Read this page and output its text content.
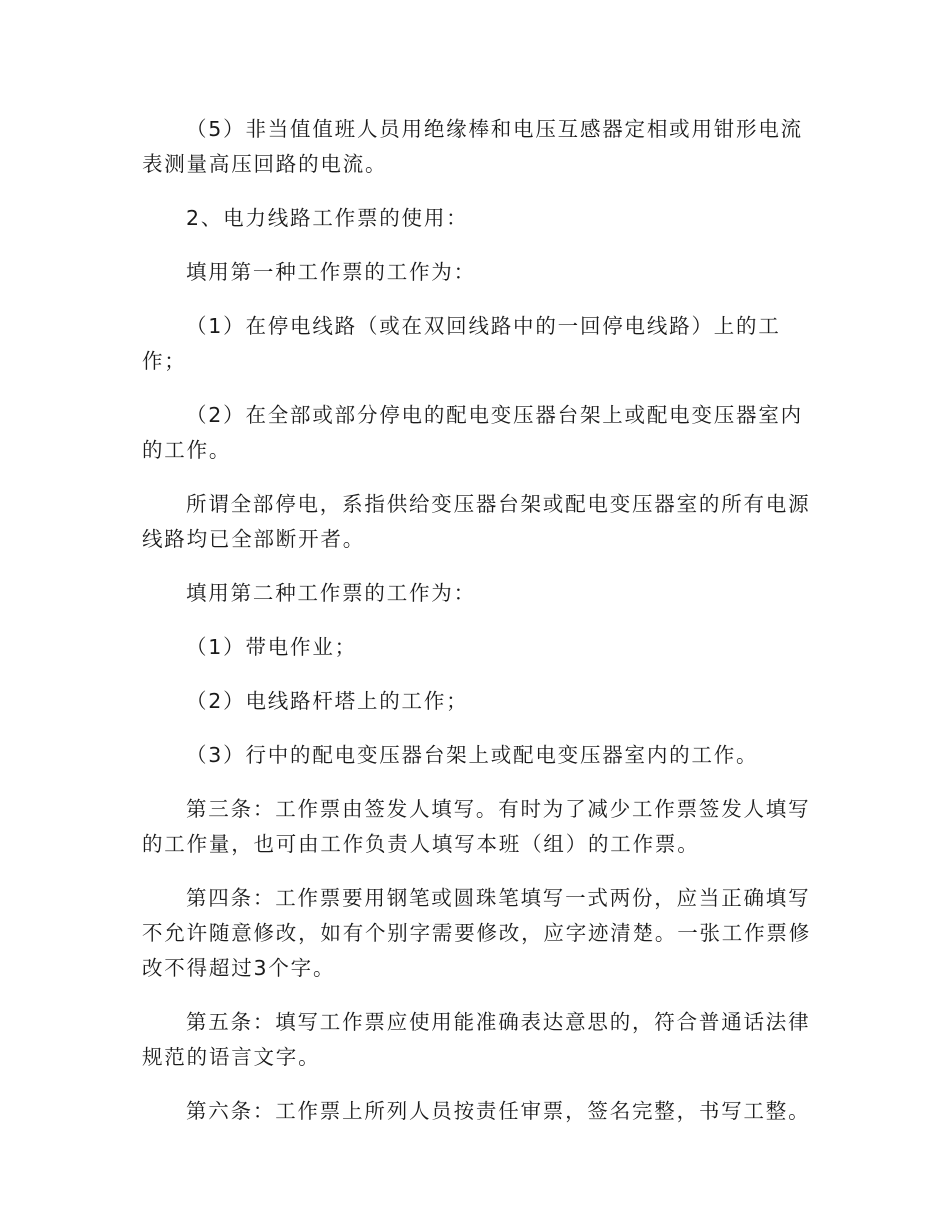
（5）非当值值班人员用绝缘棒和电压互感器定相或用钳形电流表测量高压回路的电流。

2、电力线路工作票的使用：

填用第一种工作票的工作为：

（1）在停电线路（或在双回线路中的一回停电线路）上的工作；

（2）在全部或部分停电的配电变压器台架上或配电变压器室内的工作。

所谓全部停电，系指供给变压器台架或配电变压器室的所有电源线路均已全部断开者。

填用第二种工作票的工作为：

（1）带电作业；

（2）电线路杆塔上的工作；

（3）行中的配电变压器台架上或配电变压器室内的工作。

第三条：工作票由签发人填写。有时为了减少工作票签发人填写的工作量，也可由工作负责人填写本班（组）的工作票。

第四条：工作票要用钢笔或圆珠笔填写一式两份，应当正确填写不允许随意修改，如有个别字需要修改，应字迹清楚。一张工作票修改不得超过3个字。

第五条：填写工作票应使用能准确表达意思的，符合普通话法律规范的语言文字。

第六条：工作票上所列人员按责任审票，签名完整，书写工整。
